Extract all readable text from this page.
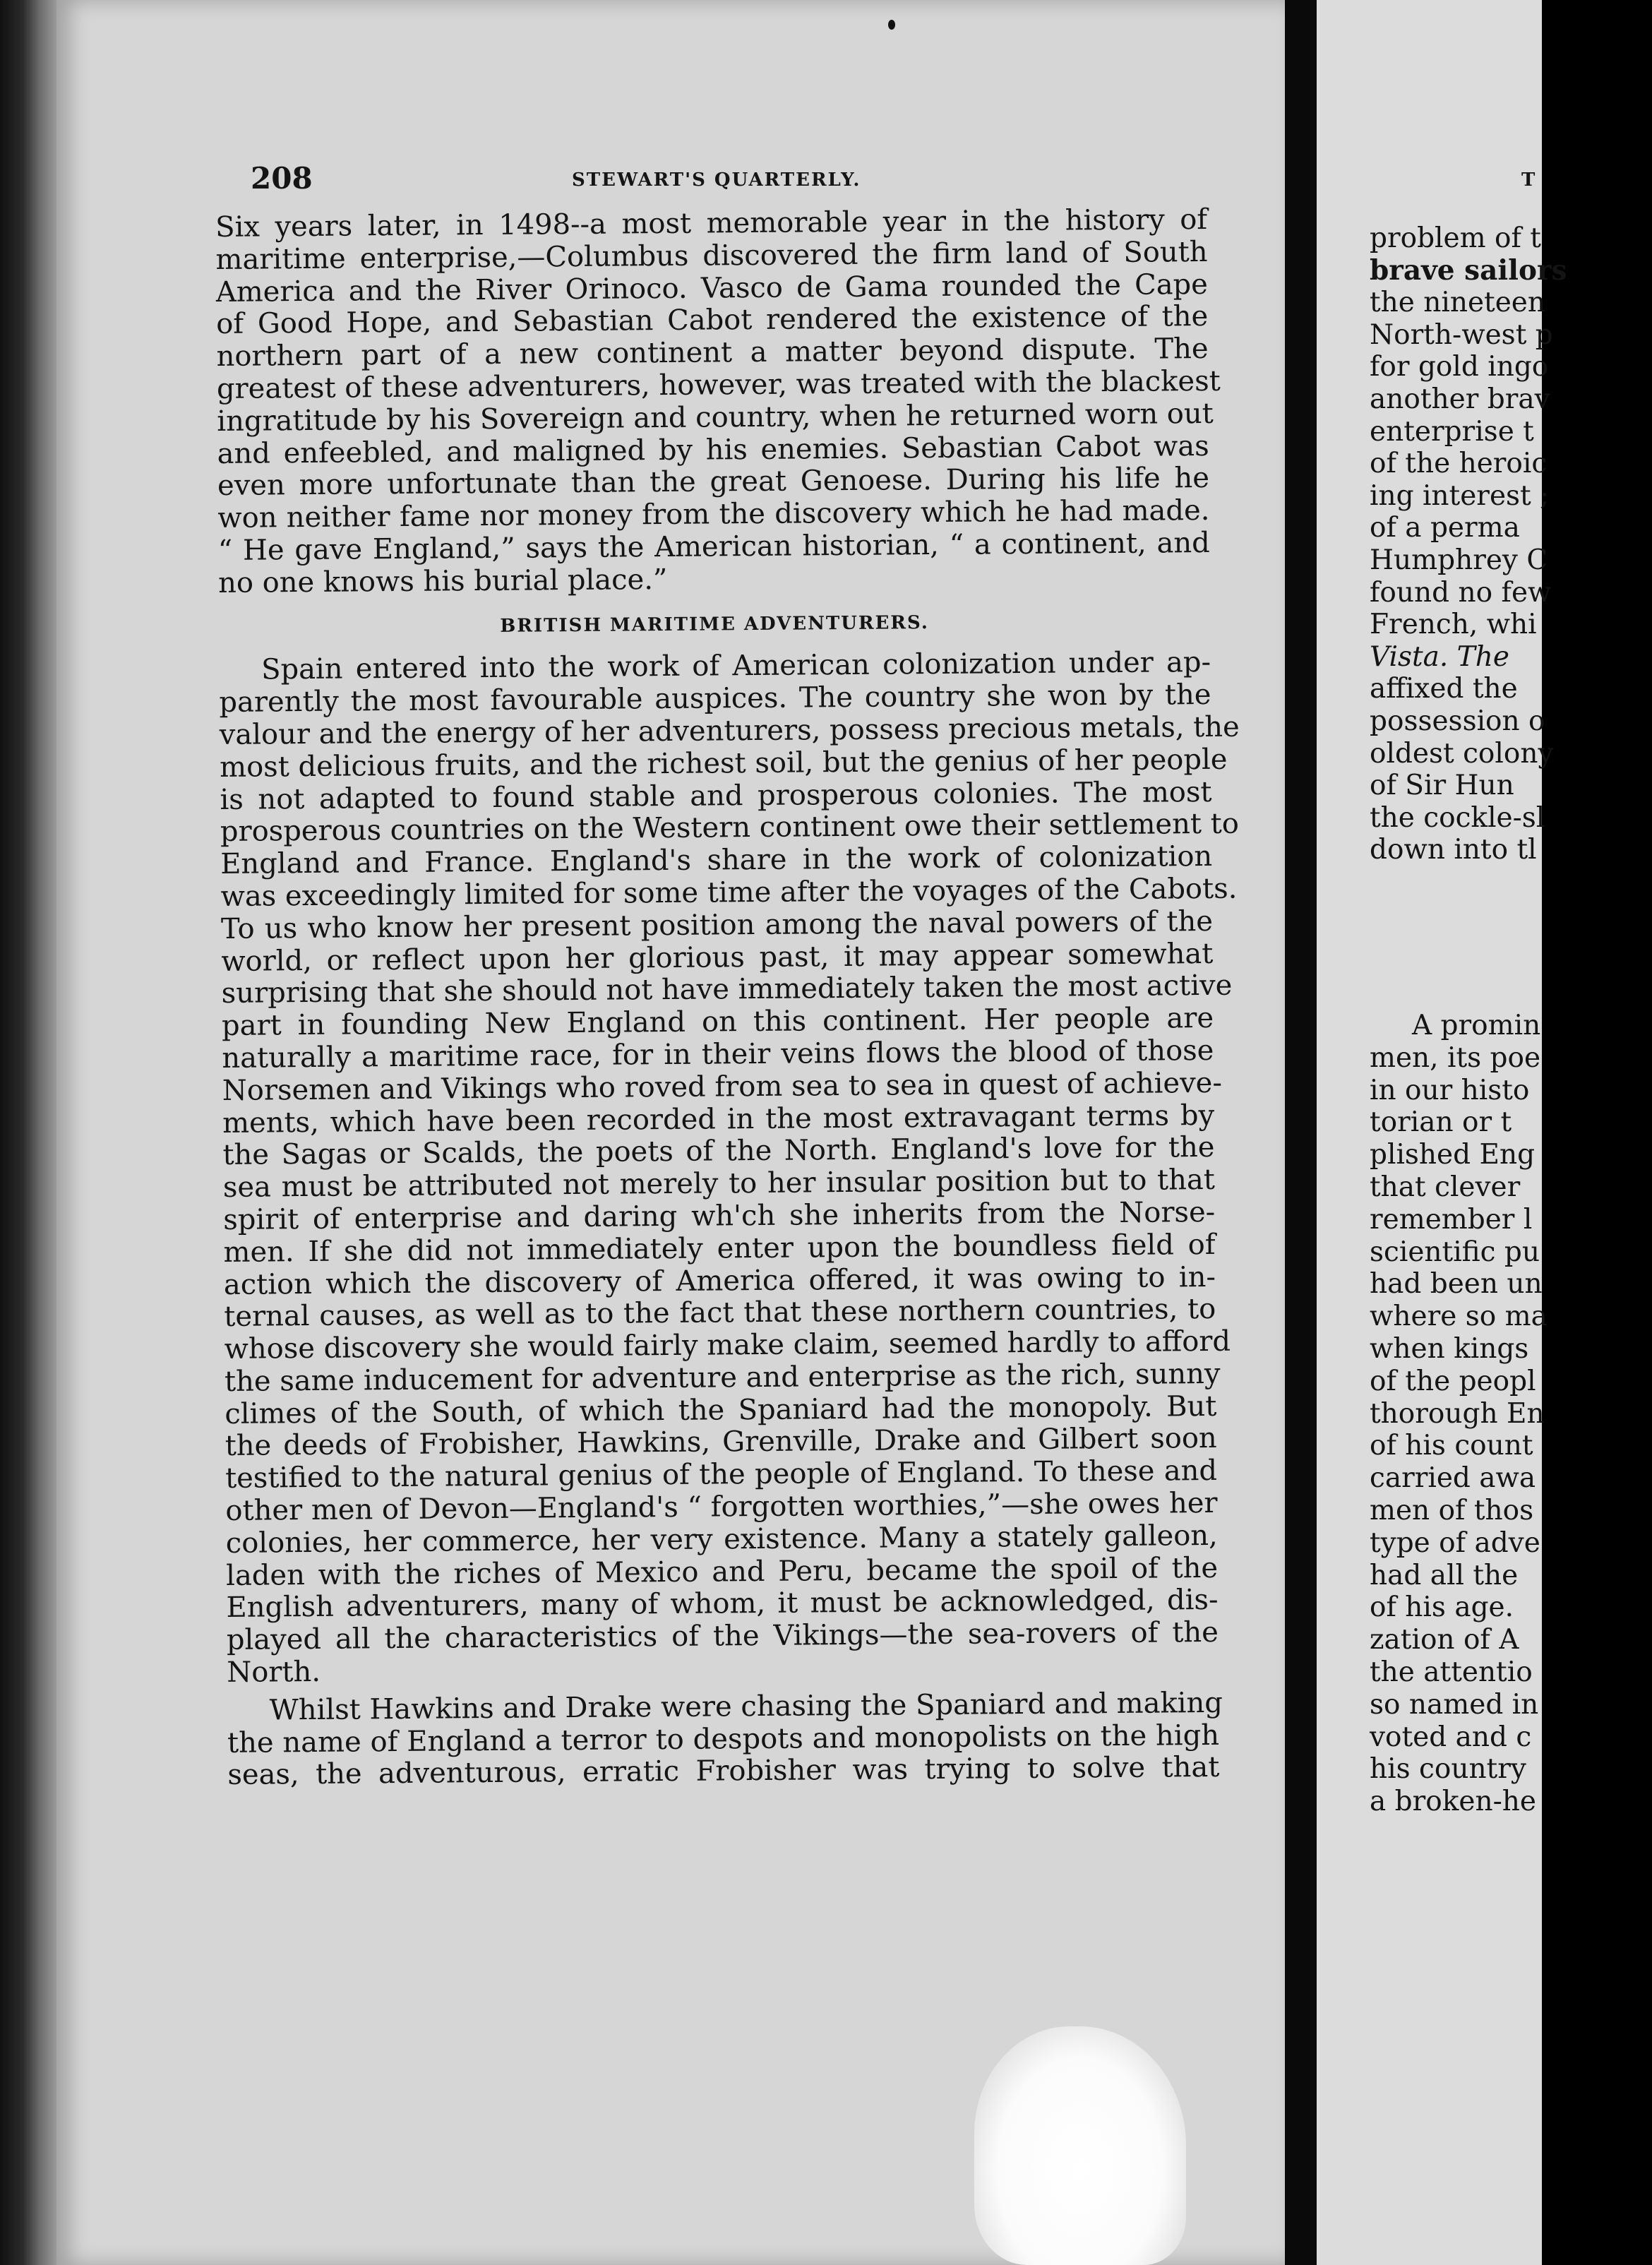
208	STEWART'S QUARTERLY.
Six years later, in 1498--a most memorable year in the history of
maritime enterprise,—Columbus discovered the firm land of South
America and the River Orinoco. Vasco de Gama rounded the Cape
of Good Hope, and Sebastian Cabot rendered the existence of the
northern part of a new continent a matter beyond dispute. The
greatest of these adventurers, however, was treated with the blackest
ingratitude by his Sovereign and country, when he returned worn out
and enfeebled, and maligned by his enemies. Sebastian Cabot was
even more unfortunate than the great Genoese. During his life he
won neither fame nor money from the discovery which he had made.
“ He gave England,” says the American historian, “ a continent, and
no one knows his burial place.”
BRITISH MARITIME ADVENTURERS.
Spain entered into the work of American colonization under ap-
parently the most favourable auspices. The country she won by the
valour and the energy of her adventurers, possess precious metals, the
most delicious fruits, and the richest soil, but the genius of her people
is not adapted to found stable and prosperous colonies. The most
prosperous countries on the Western continent owe their settlement to
England and France. England's share in the work of colonization
was exceedingly limited for some time after the voyages of the Cabots.
To us who know her present position among the naval powers of the
world, or reflect upon her glorious past, it may appear somewhat
surprising that she should not have immediately taken the most active
part in founding New England on this continent. Her people are
naturally a maritime race, for in their veins flows the blood of those
Norsemen and Vikings who roved from sea to sea in quest of achieve-
ments, which have been recorded in the most extravagant terms by
the Sagas or Scalds, the poets of the North. England's love for the
sea must be attributed not merely to her insular position but to that
spirit of enterprise and daring wh'ch she inherits from the Norse-
men. If she did not immediately enter upon the boundless field of
action which the discovery of America offered, it was owing to in-
ternal causes, as well as to the fact that these northern countries, to
whose discovery she would fairly make claim, seemed hardly to afford
the same inducement for adventure and enterprise as the rich, sunny
climes of the South, of which the Spaniard had the monopoly. But
the deeds of Frobisher, Hawkins, Grenville, Drake and Gilbert soon
testified to the natural genius of the people of England. To these and
other men of Devon—England's “ forgotten worthies,”—she owes her
colonies, her commerce, her very existence. Many a stately galleon,
laden with the riches of Mexico and Peru, became the spoil of the
English adventurers, many of whom, it must be acknowledged, dis-
played all the characteristics of the Vikings—the sea-rovers of the
North.
Whilst Hawkins and Drake were chasing the Spaniard and making
the name of England a terror to despots and monopolists on the high
seas, the adventurous, erratic Frobisher was trying to solve that
T
problem of t
brave sailors
the nineteen
North-west p
for gold ingo
another brav
enterprise t
of the heroic
ing interest ;
of a perma
Humphrey C
found no few
French, whi
Vista. The
affixed the
possession o
oldest colony
of Sir Hun
the cockle-sl
down into tl
A promin
men, its poe
in our histo
torian or t
plished Eng
that clever
remember l
scientific pu
had been un
where so ma
when kings
of the peopl
thorough En
of his count
carried awa
men of thos
type of adve
had all the
of his age.
zation of A
the attentio
so named in
voted and c
his country
a broken-he
